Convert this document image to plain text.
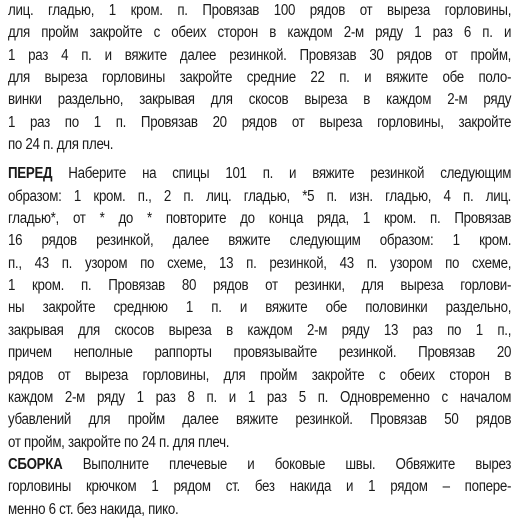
лиц. гладью, 1 кром. п. Провязав 100 рядов от выреза горловины,
для пройм закройте с обеих сторон в каждом 2-м ряду 1 раз 6 п. и
1 раз 4 п. и вяжите далее резинкой. Провязав 30 рядов от пройм,
для выреза горловины закройте средние 22 п. и вяжите обе поло-
винки раздельно, закрывая для скосов выреза в каждом 2-м ряду
1 раз по 1 п. Провязав 20 рядов от выреза горловины, закройте
по 24 п. для плеч.
ПЕРЕД Наберите на спицы 101 п. и вяжите резинкой следующим
образом: 1 кром. п., 2 п. лиц. гладью, *5 п. изн. гладью, 4 п. лиц.
гладью*, от * до * повторите до конца ряда, 1 кром. п. Провязав
16 рядов резинкой, далее вяжите следующим образом: 1 кром.
п., 43 п. узором по схеме, 13 п. резинкой, 43 п. узором по схеме,
1 кром. п. Провязав 80 рядов от резинки, для выреза горлови-
ны закройте среднюю 1 п. и вяжите обе половинки раздельно,
закрывая для скосов выреза в каждом 2-м ряду 13 раз по 1 п.,
причем неполные раппорты провязывайте резинкой. Провязав 20
рядов от выреза горловины, для пройм закройте с обеих сторон в
каждом 2-м ряду 1 раз 8 п. и 1 раз 5 п. Одновременно с началом
убавлений для пройм далее вяжите резинкой. Провязав 50 рядов
от пройм, закройте по 24 п. для плеч.
СБОРКА Выполните плечевые и боковые швы. Обвяжите вырез
горловины крючком 1 рядом ст. без накида и 1 рядом – попере-
менно 6 ст. без накида, пико.
